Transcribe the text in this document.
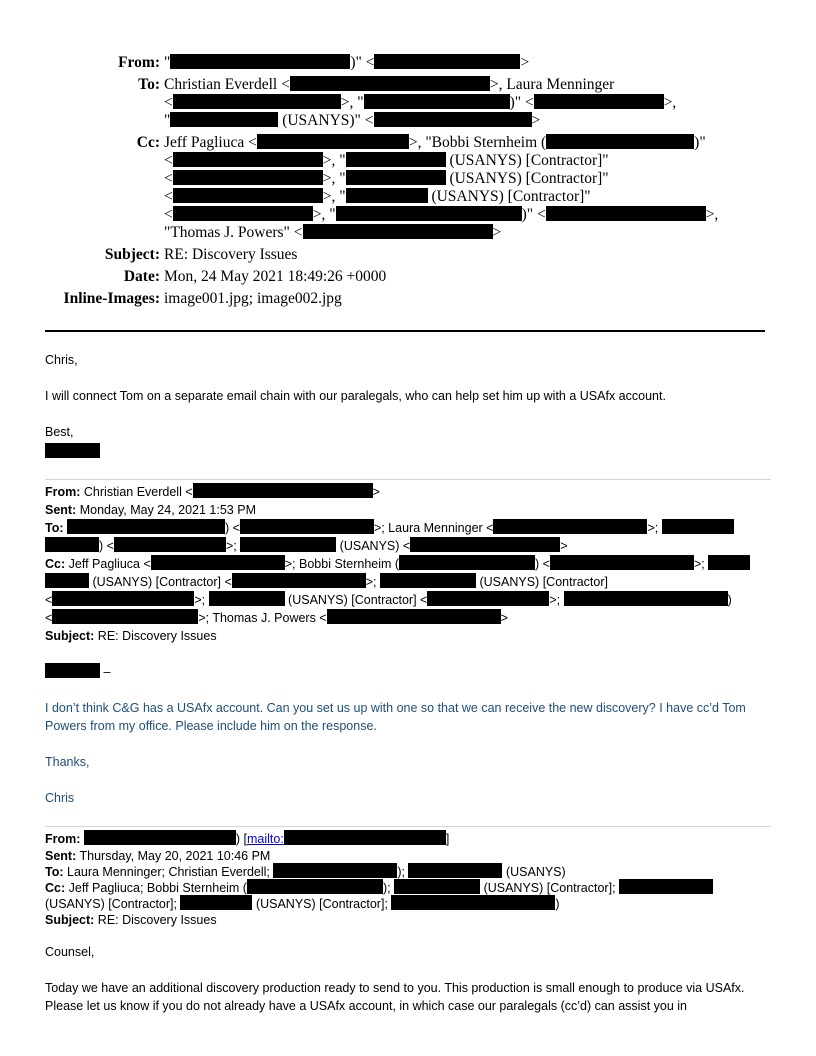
From: "	)" <	>
To: Christian Everdell <	>, Laura Menninger
<	>, "	)" <	>,
"	(USANYS)" <	>
Cc: Jeff Pagliuca <	>, "Bobbi Sternheim (	)"
<	>, "	(USANYS) [Contractor]"
<	>, "	(USANYS) [Contractor]"
<	>, "	(USANYS) [Contractor]"
<	>, "	)" <	>,
"Thomas J. Powers" <	>
Subject: RE: Discovery Issues
Date: Mon, 24 May 2021 18:49:26 +0000
Inline-Images: image001.jpg; image002.jpg
Chris,
I will connect Tom on a separate email chain with our paralegals, who can help set him up with a USAfx account.
Best,
From: Christian Everdell <	>
Sent: Monday, May 24, 2021 1:53 PM
To:	) <	>; Laura Menninger <	>;
) <	>;	(USANYS) <	>
Cc: Jeff Pagliuca <	>; Bobbi Sternheim (	) <	>;
(USANYS) [Contractor] <	>;	(USANYS) [Contractor]
<	>;	(USANYS) [Contractor] <	>;	)
<	>; Thomas J. Powers <	>
Subject: RE: Discovery Issues
–
I don’t think C&G has a USAfx account. Can you set us up with one so that we can receive the new discovery? I have cc’d Tom Powers from my office. Please include him on the response.
Thanks,
Chris
From:	) [mailto:	]
Sent: Thursday, May 20, 2021 10:46 PM
To: Laura Menninger; Christian Everdell;	);	(USANYS)
Cc: Jeff Pagliuca; Bobbi Sternheim (	);	(USANYS) [Contractor];
(USANYS) [Contractor];	(USANYS) [Contractor];	)
Subject: RE: Discovery Issues
Counsel,
Today we have an additional discovery production ready to send to you. This production is small enough to produce via USAfx. Please let us know if you do not already have a USAfx account, in which case our paralegals (cc’d) can assist you in
